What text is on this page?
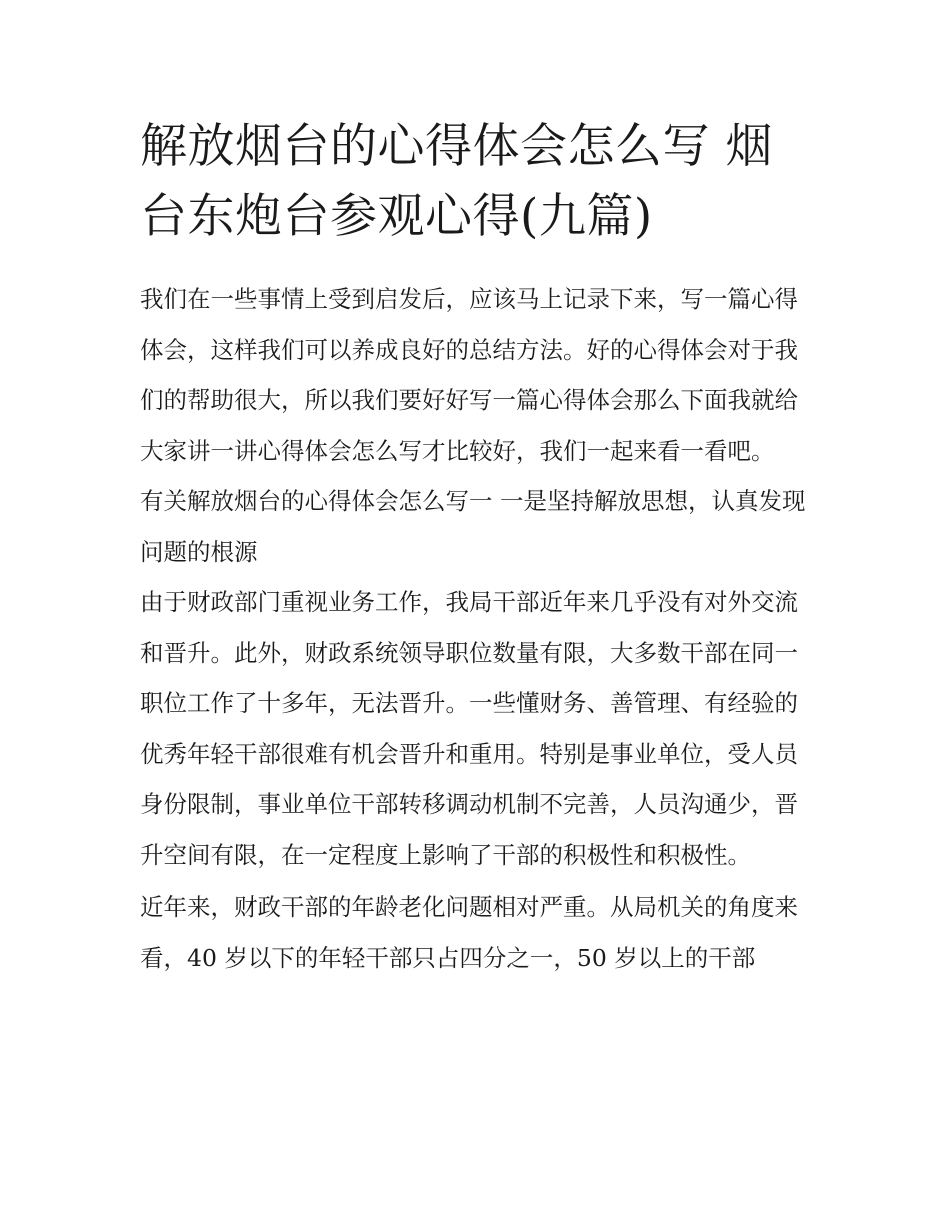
解放烟台的心得体会怎么写 烟台东炮台参观心得(九篇)

我们在一些事情上受到启发后，应该马上记录下来，写一篇心得体会，这样我们可以养成良好的总结方法。好的心得体会对于我们的帮助很大，所以我们要好好写一篇心得体会那么下面我就给大家讲一讲心得体会怎么写才比较好，我们一起来看一看吧。

有关解放烟台的心得体会怎么写一 一是坚持解放思想，认真发现问题的根源

由于财政部门重视业务工作，我局干部近年来几乎没有对外交流和晋升。此外，财政系统领导职位数量有限，大多数干部在同一职位工作了十多年，无法晋升。一些懂财务、善管理、有经验的优秀年轻干部很难有机会晋升和重用。特别是事业单位，受人员身份限制，事业单位干部转移调动机制不完善，人员沟通少，晋升空间有限，在一定程度上影响了干部的积极性和积极性。

近年来，财政干部的年龄老化问题相对严重。从局机关的角度来看，40 岁以下的年轻干部只占四分之一，50 岁以上的干部
